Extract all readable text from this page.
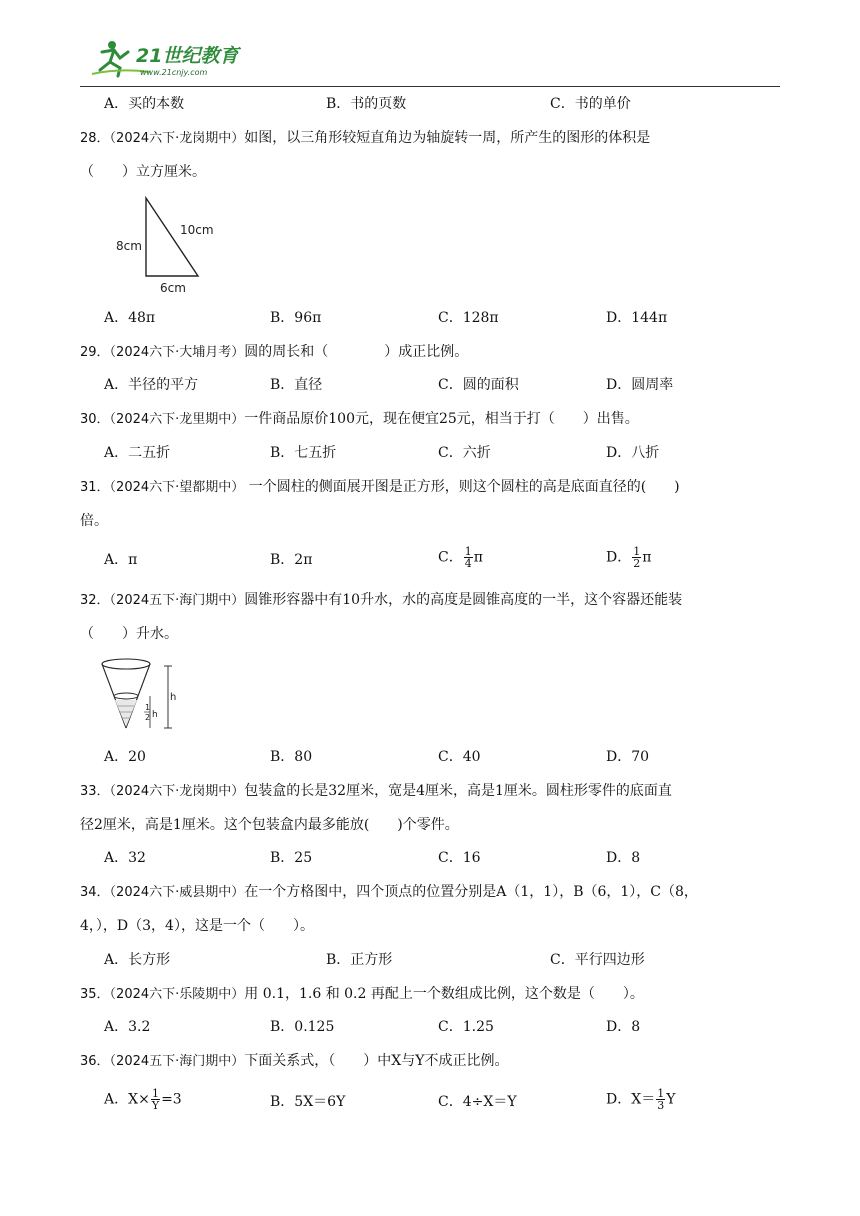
21世纪教育
www.21cnjy.com
A．买的本数	B．书的页数	C．书的单价
28．（2024六下·龙岗期中）如图，以三角形较短直角边为轴旋转一周，所产生的图形的体积是
（　　）立方厘米。
8cm
10cm
6cm
A．48π	B．96π	C．128π	D．144π
29．（2024六下·大埔月考）圆的周长和（　　　　）成正比例。
A．半径的平方	B．直径	C．圆的面积	D．圆周率
30．（2024六下·龙里期中）一件商品原价100元，现在便宜25元，相当于打（　　）出售。
A．二五折	B．七五折	C．六折	D．八折
31．（2024六下·望都期中） 一个圆柱的侧面展开图是正方形，则这个圆柱的高是底面直径的(　　)
倍。
A．π	B．2π	C． $\frac{1}{4}$ π	D． $\frac{1}{2}$ π
32．（2024五下·海门期中）圆锥形容器中有10升水，水的高度是圆锥高度的一半，这个容器还能装
（　　）升水。
h
1
2 h
A．20	B．80	C．40	D．70
33．（2024六下·龙岗期中）包装盒的长是32厘米，宽是4厘米，高是1厘米。圆柱形零件的底面直
径2厘米，高是1厘米。这个包装盒内最多能放(　　)个零件。
A．32	B．25	C．16	D．8
34．（2024六下·威县期中）在一个方格图中，四个顶点的位置分别是A（1，1），B（6，1），C（8，
4，），D（3，4），这是一个（　　）。
A．长方形	B．正方形	C．平行四边形
35．（2024六下·乐陵期中）用 0.1，1.6 和 0.2 再配上一个数组成比例，这个数是（　　）。
A．3.2	B．0.125	C．1.25	D．8
36．（2024五下·海门期中）下面关系式，（　　）中X与Y不成正比例。
A．$X\times \frac{1}{Y} =3$	B．5X＝6Y	C．4÷X＝Y	D．$X= \frac{1}{3}$ Y
